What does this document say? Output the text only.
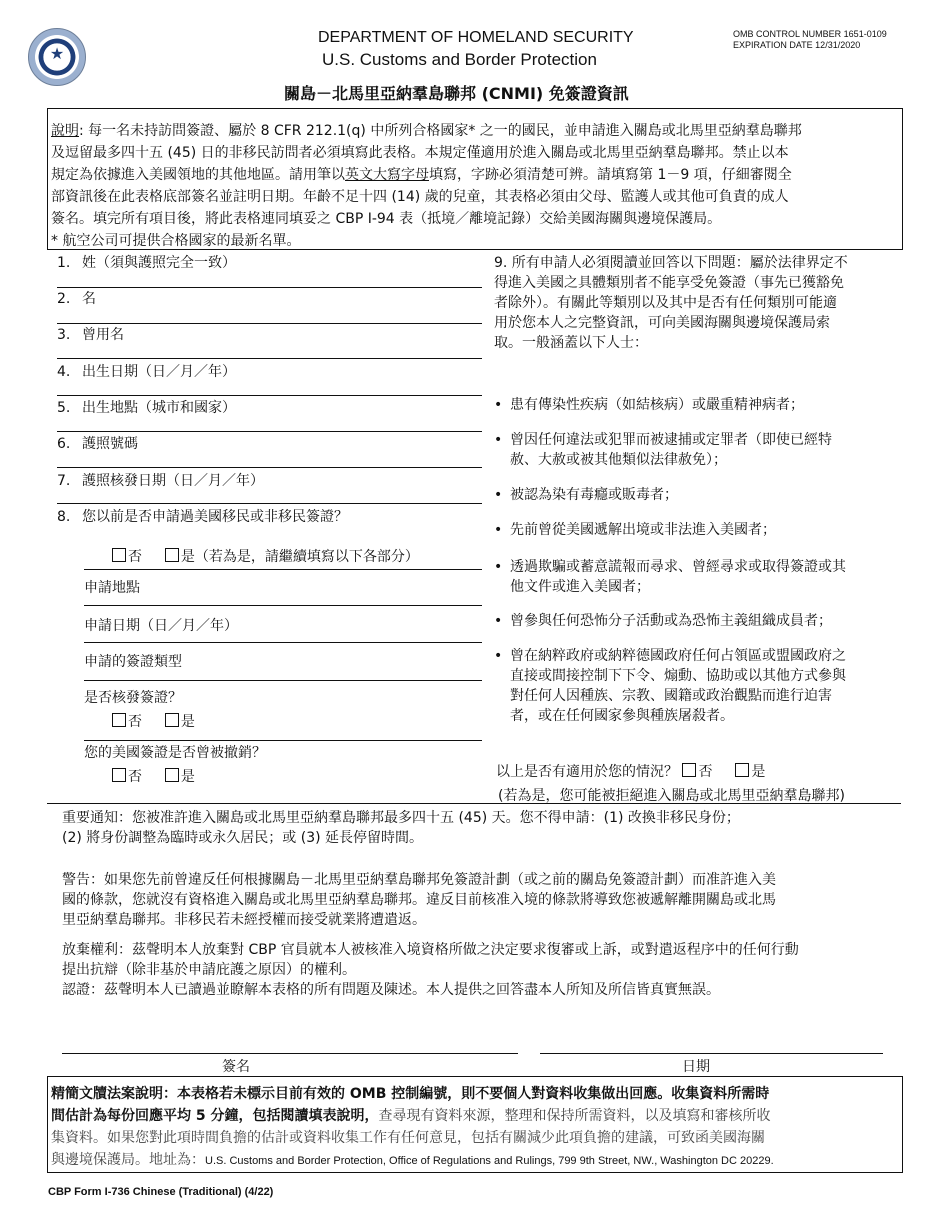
★
DEPARTMENT OF HOMELAND SECURITY
U.S. Customs and Border Protection
OMB CONTROL NUMBER 1651-0109
EXPIRATION DATE 12/31/2020
關島－北馬里亞納羣島聯邦 (CNMI) 免簽證資訊
說明: 每一名未持訪問簽證、屬於 8 CFR 212.1(q) 中所列合格國家* 之一的國民，並申請進入關島或北馬里亞納羣島聯邦
及逗留最多四十五 (45) 日的非移民訪問者必須填寫此表格。本規定僅適用於進入關島或北馬里亞納羣島聯邦。禁止以本
規定為依據進入美國領地的其他地區。請用筆以英文大寫字母填寫，字跡必須清楚可辨。請填寫第 1－9 項，仔細審閱全
部資訊後在此表格底部簽名並註明日期。年齡不足十四 (14) 歲的兒童，其表格必須由父母、監護人或其他可負責的成人
簽名。填完所有項目後，將此表格連同填妥之 CBP I-94 表（抵境／離境記錄）交給美國海關與邊境保護局。
* 航空公司可提供合格國家的最新名單。
1. 姓（須與護照完全一致）
2. 名
3. 曾用名
4. 出生日期（日／月／年）
5. 出生地點（城市和國家）
6. 護照號碼
7. 護照核發日期（日／月／年）
8. 您以前是否申請過美國移民或非移民簽證？
否	是（若為是，請繼續填寫以下各部分）
申請地點
申請日期（日／月／年）
申請的簽證類型
是否核發簽證？
否	是
您的美國簽證是否曾被撤銷？
否	是
9. 所有申請人必須閱讀並回答以下問題：屬於法律界定不
得進入美國之具體類別者不能享受免簽證（事先已獲豁免
者除外）。有關此等類別以及其中是否有任何類別可能適
用於您本人之完整資訊，可向美國海關與邊境保護局索
取。一般涵蓋以下人士：
• 患有傳染性疾病（如結核病）或嚴重精神病者；
• 曾因任何違法或犯罪而被逮捕或定罪者（即使已經特
赦、大赦或被其他類似法律赦免）；
• 被認為染有毒癮或販毒者；
• 先前曾從美國遞解出境或非法進入美國者；
• 透過欺騙或蓄意謊報而尋求、曾經尋求或取得簽證或其
他文件或進入美國者；
• 曾參與任何恐怖分子活動或為恐怖主義組織成員者；
• 曾在納粹政府或納粹德國政府任何占領區或盟國政府之
直接或間接控制下下令、煽動、協助或以其他方式參與
對任何人因種族、宗教、國籍或政治觀點而進行迫害
者，或在任何國家參與種族屠殺者。
以上是否有適用於您的情況？ 否	是
(若為是，您可能被拒絕進入關島或北馬里亞納羣島聯邦)
重要通知：您被准許進入關島或北馬里亞納羣島聯邦最多四十五 (45) 天。您不得申請：(1) 改換非移民身份；
(2) 將身份調整為臨時或永久居民；或 (3) 延長停留時間。
警告：如果您先前曾違反任何根據關島－北馬里亞納羣島聯邦免簽證計劃（或之前的關島免簽證計劃）而准許進入美
國的條款，您就沒有資格進入關島或北馬里亞納羣島聯邦。違反目前核准入境的條款將導致您被遞解離開關島或北馬
里亞納羣島聯邦。非移民若未經授權而接受就業將遭遣返。
放棄權利：茲聲明本人放棄對 CBP 官員就本人被核准入境資格所做之決定要求復審或上訴，或對遣返程序中的任何行動
提出抗辯（除非基於申請庇護之原因）的權利。
認證：茲聲明本人已讀過並瞭解本表格的所有問題及陳述。本人提供之回答盡本人所知及所信皆真實無誤。
簽名	日期
精簡文牘法案說明：本表格若未標示目前有效的 OMB 控制編號，則不要個人對資料收集做出回應。收集資料所需時
間估計為每份回應平均 5 分鐘，包括閱讀填表說明，查尋現有資料來源，整理和保持所需資料，以及填寫和審核所收
集資料。如果您對此項時間負擔的估計或資料收集工作有任何意見，包括有關減少此項負擔的建議，可致函美國海關
與邊境保護局。地址為：U.S. Customs and Border Protection, Office of Regulations and Rulings, 799 9th Street, NW., Washington DC 20229.
CBP Form I-736 Chinese (Traditional) (4/22)
